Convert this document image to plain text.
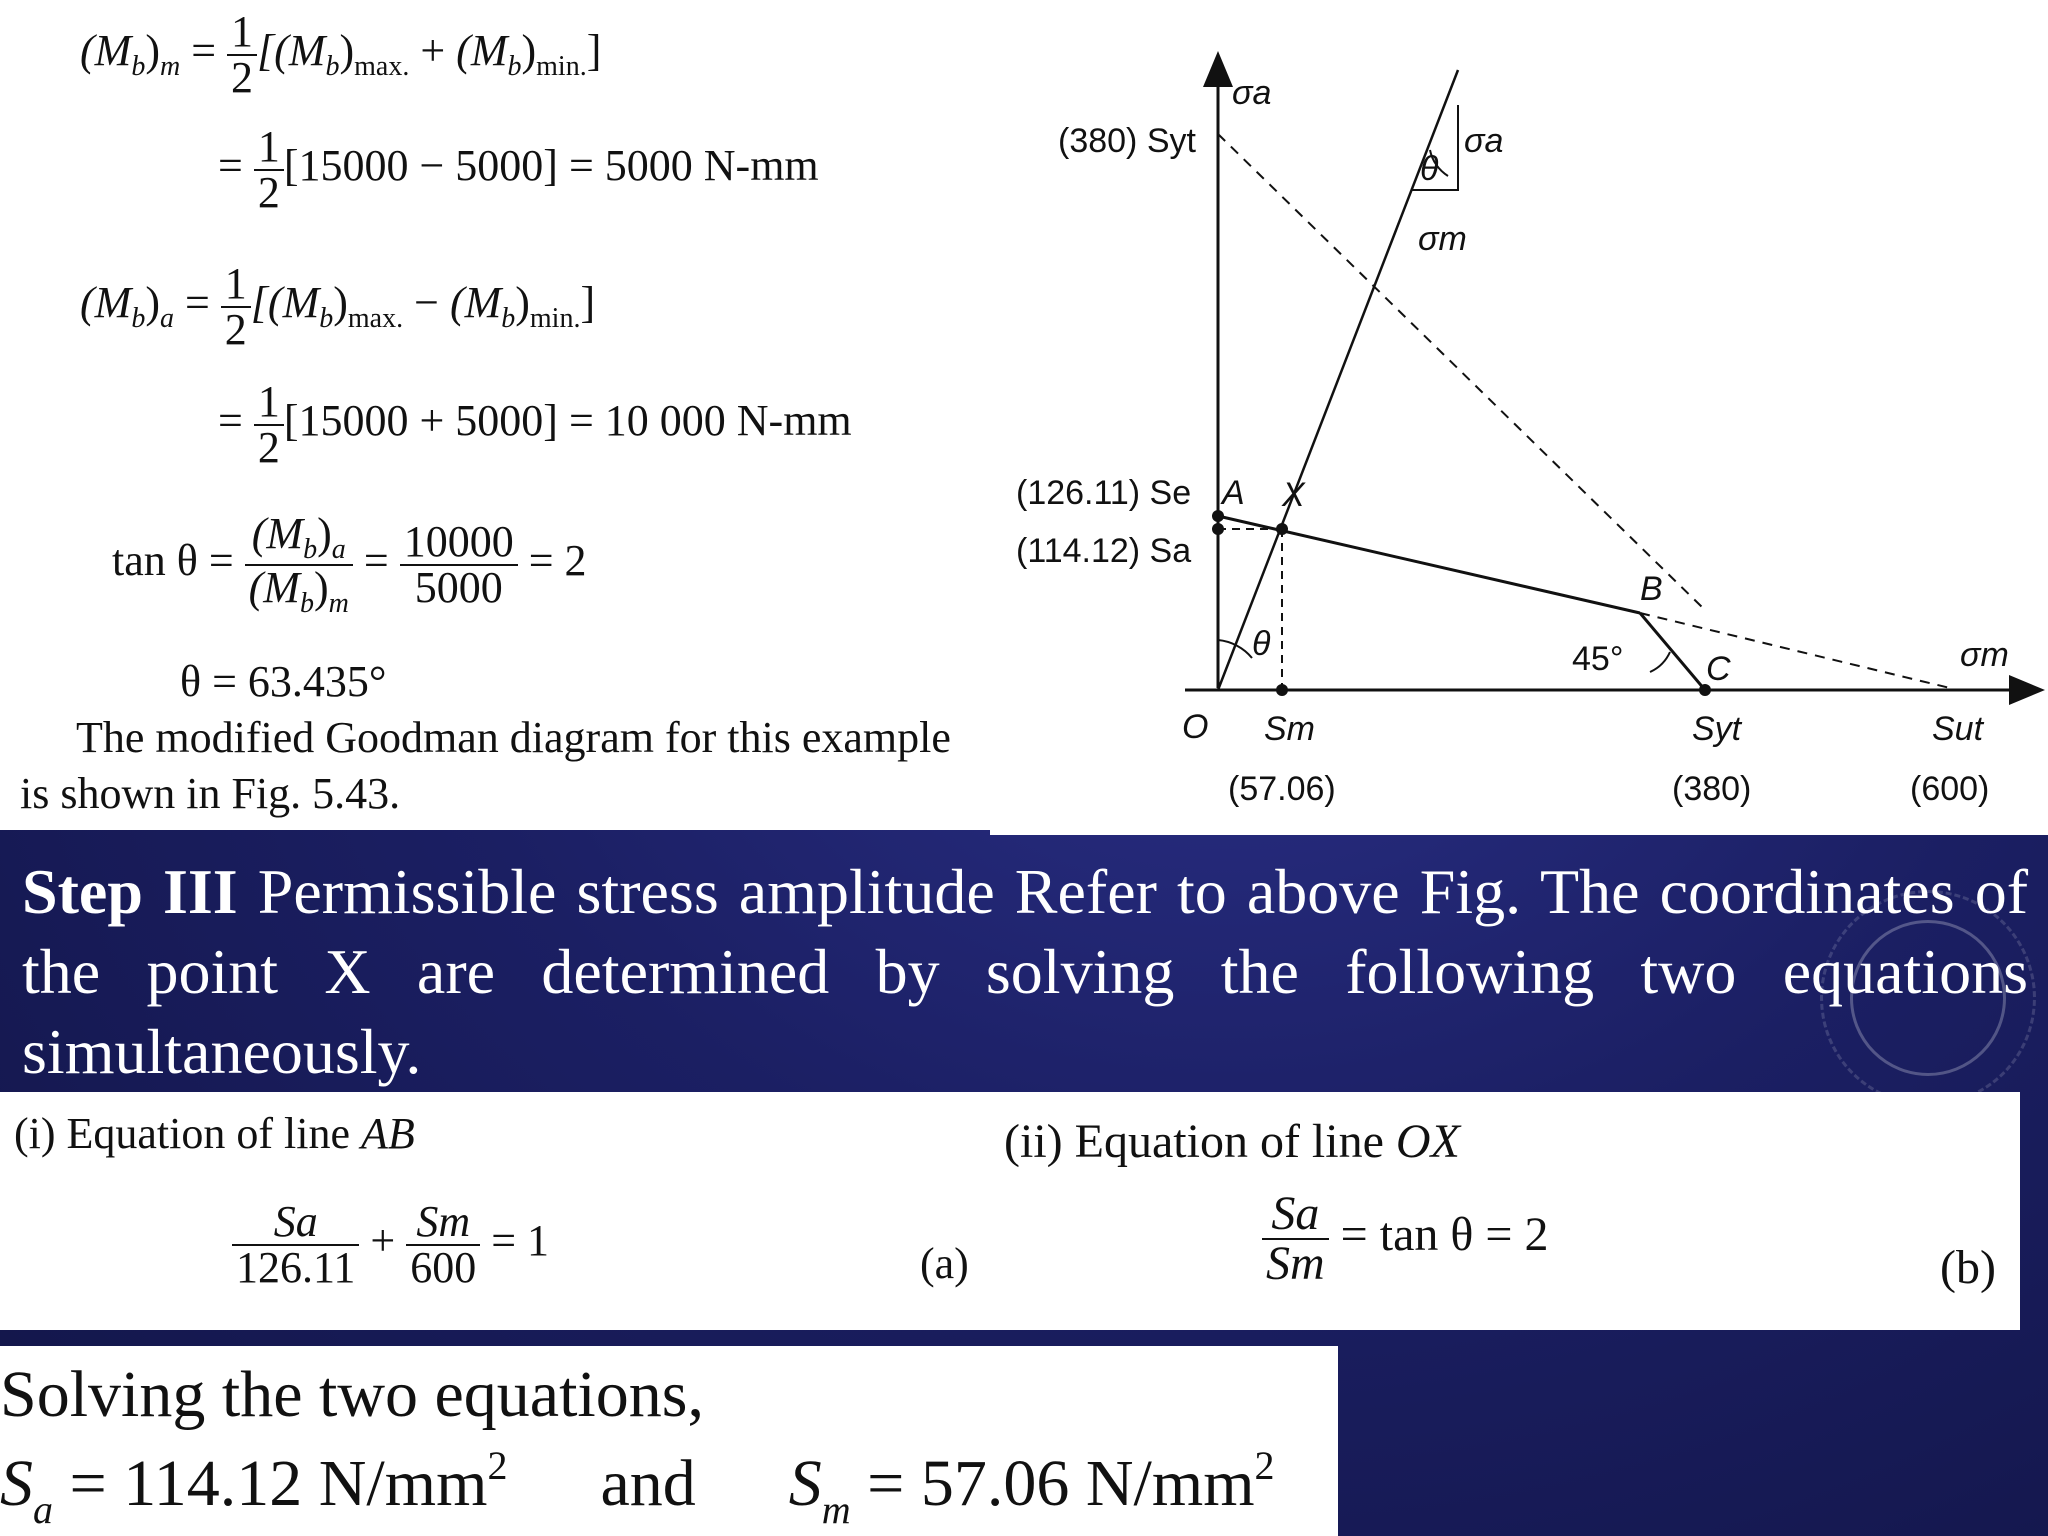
$(M_b)_m = \frac{1}{2} [(M_b)_{max.} + (M_b)_{min.}]$
= $\frac{1}{2} [15000 - 5000] = 5000$ N-mm
$(M_b)_a = \frac{1}{2} [(M_b)_{max.} - (M_b)_{min.}]$
= $\frac{1}{2} [15000 + 5000] = 10$ 000 N-mm
$\tan \theta = \frac{(M_b)_a}{(M_b)_m} = \frac{10000}{5000} = 2$
θ = 63.435°
The modified Goodman diagram for this example
is shown in Fig. 5.43.
σa
(380) Syt	σa
θ
σm
(126.11) Se A X
(114.12) Sa
B
θ	45° C	σm
O Sm
(57.06)
Syt
(380)
Sut
(600)
Step III Permissible stress amplitude Refer to above Fig. The coordinates of the point X are determined by solving the following two equations simultaneously.
(i) Equation of line AB
$\frac{Sa}{126.11} + \frac{Sm}{600} = 1$	(a)
(ii) Equation of line OX
$\frac{Sa}{Sm} = \tan \theta = 2$
(b)
Solving the two equations,
$S_a = 114.12$ $N/mm^2$ and $S_m = 57.06$ $N/mm^2$
